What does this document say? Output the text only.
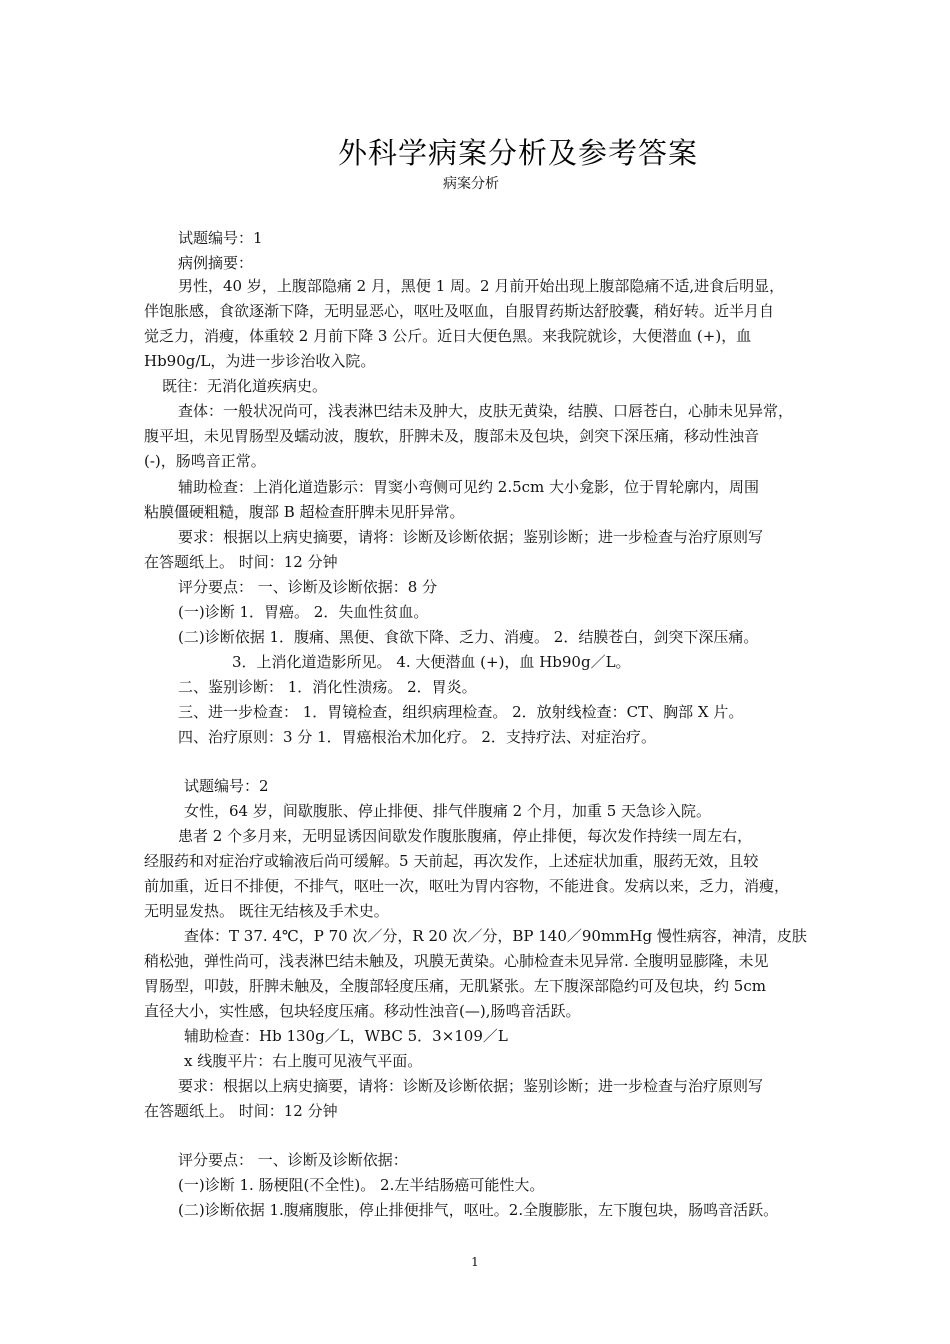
外科学病案分析及参考答案
病案分析
试题编号：1
病例摘要：
男性，40 岁，上腹部隐痛 2 月，黑便 1 周。2 月前开始出现上腹部隐痛不适,进食后明显，
伴饱胀感，食欲逐渐下降，无明显恶心，呕吐及呕血，自服胃药斯达舒胶囊，稍好转。近半月自
觉乏力，消瘦，体重较 2 月前下降 3 公斤。近日大便色黑。来我院就诊，大便潜血 (+)，血
Hb90g/L，为进一步诊治收入院。
既往：无消化道疾病史。
查体：一般状况尚可，浅表淋巴结未及肿大，皮肤无黄染，结膜、口唇苍白，心肺未见异常，
腹平坦，未见胃肠型及蠕动波，腹软，肝脾未及，腹部未及包块，剑突下深压痛，移动性浊音
(-)，肠鸣音正常。
辅助检查：上消化道造影示：胃窦小弯侧可见约 2.5cm 大小龛影，位于胃轮廓内，周围
粘膜僵硬粗糙，腹部 B 超检查肝脾未见肝异常。
要求：根据以上病史摘要，请将：诊断及诊断依据；鉴别诊断；进一步检查与治疗原则写
在答题纸上。 时间：12 分钟
评分要点： 一、诊断及诊断依据：8 分
(一)诊断 1．胃癌。 2．失血性贫血。
(二)诊断依据 1．腹痛、黑便、食欲下降、乏力、消瘦。 2．结膜苍白，剑突下深压痛。
3．上消化道造影所见。 4. 大便潜血 (+)，血 Hb90g／L。
二、鉴别诊断： 1．消化性溃疡。 2．胃炎。
三、进一步检查： 1．胃镜检查，组织病理检查。 2．放射线检查：CT、胸部 X 片。
四、治疗原则：3 分 1．胃癌根治术加化疗。 2．支持疗法、对症治疗。
试题编号：2
女性，64 岁，间歇腹胀、停止排便、排气伴腹痛 2 个月，加重 5 天急诊入院。
患者 2 个多月来，无明显诱因间歇发作腹胀腹痛，停止排便，每次发作持续一周左右，
经服药和对症治疗或输液后尚可缓解。5 天前起，再次发作，上述症状加重，服药无效，且较
前加重，近日不排便，不排气，呕吐一次，呕吐为胃内容物，不能进食。发病以来，乏力，消瘦，
无明显发热。 既往无结核及手术史。
查体：T 37. 4℃，P 70 次／分，R 20 次／分，BP 140／90mmHg 慢性病容，神清，皮肤
稍松弛，弹性尚可，浅表淋巴结未触及，巩膜无黄染。心肺检查未见异常. 全腹明显膨隆，未见
胃肠型，叩鼓，肝脾未触及，全腹部轻度压痛，无肌紧张。左下腹深部隐约可及包块，约 5cm
直径大小，实性感，包块轻度压痛。移动性浊音(—),肠鸣音活跃。
辅助检查：Hb 130g／L，WBC 5．3×109／L
x 线腹平片：右上腹可见液气平面。
要求：根据以上病史摘要，请将：诊断及诊断依据；鉴别诊断；进一步检查与治疗原则写
在答题纸上。 时间：12 分钟
评分要点： 一、诊断及诊断依据：
(一)诊断 1. 肠梗阻(不全性)。 2.左半结肠癌可能性大。
(二)诊断依据 1.腹痛腹胀，停止排便排气，呕吐。2.全腹膨胀，左下腹包块，肠鸣音活跃。
1
